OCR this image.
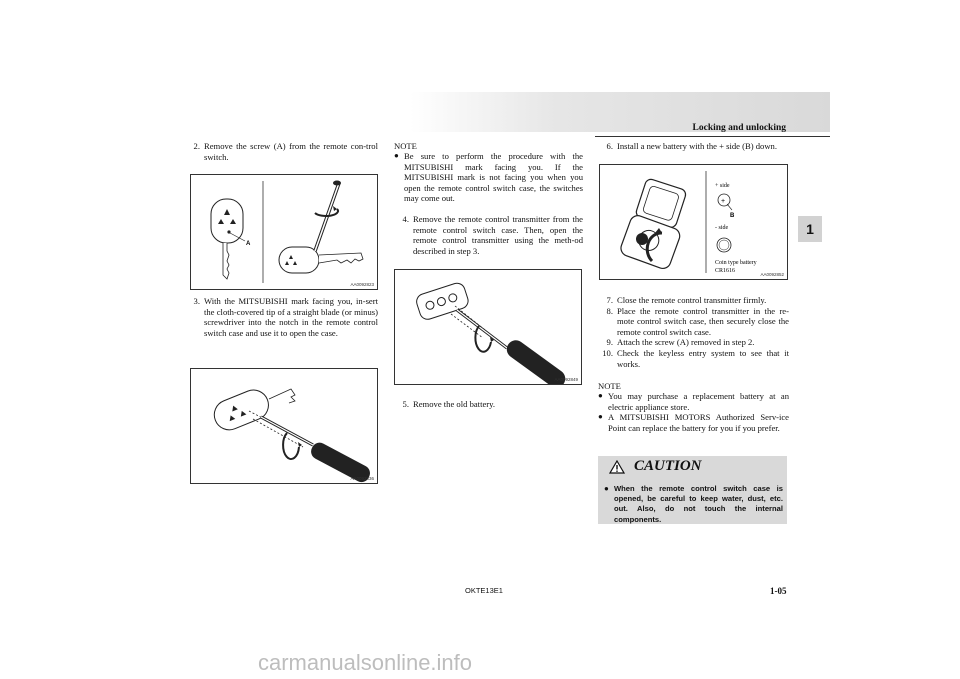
Locking and unlocking
1
2. Remove the screw (A) from the remote con-trol switch.
A
AA0092823
3. With the MITSUBISHI mark facing you, in-sert the cloth-covered tip of a straight blade (or minus) screwdriver into the notch in the remote control switch case and use it to open the case.
AA0092836
NOTE
● Be sure to perform the procedure with the MITSUBISHI mark facing you. If the MITSUBISHI mark is not facing you when you open the remote control switch case, the switches may come out.
4. Remove the remote control transmitter from the remote control switch case. Then, open the remote control transmitter using the meth-od described in step 3.
AA0092849
5. Remove the old battery.
6. Install a new battery with the + side (B) down.
+ side
+
B
- side
Coin type battery
CR1616
AA0092852
7. Close the remote control transmitter firmly.
8. Place the remote control transmitter in the re-mote control switch case, then securely close the remote control switch case.
9. Attach the screw (A) removed in step 2.
10. Check the keyless entry system to see that it works.
NOTE
● You may purchase a replacement battery at an electric appliance store.
● A MITSUBISHI MOTORS Authorized Serv-ice Point can replace the battery for you if you prefer.
CAUTION
● When the remote control switch case is opened, be careful to keep water, dust, etc. out. Also, do not touch the internal components.
OKTE13E1	1-05
carmanualsonline.info
